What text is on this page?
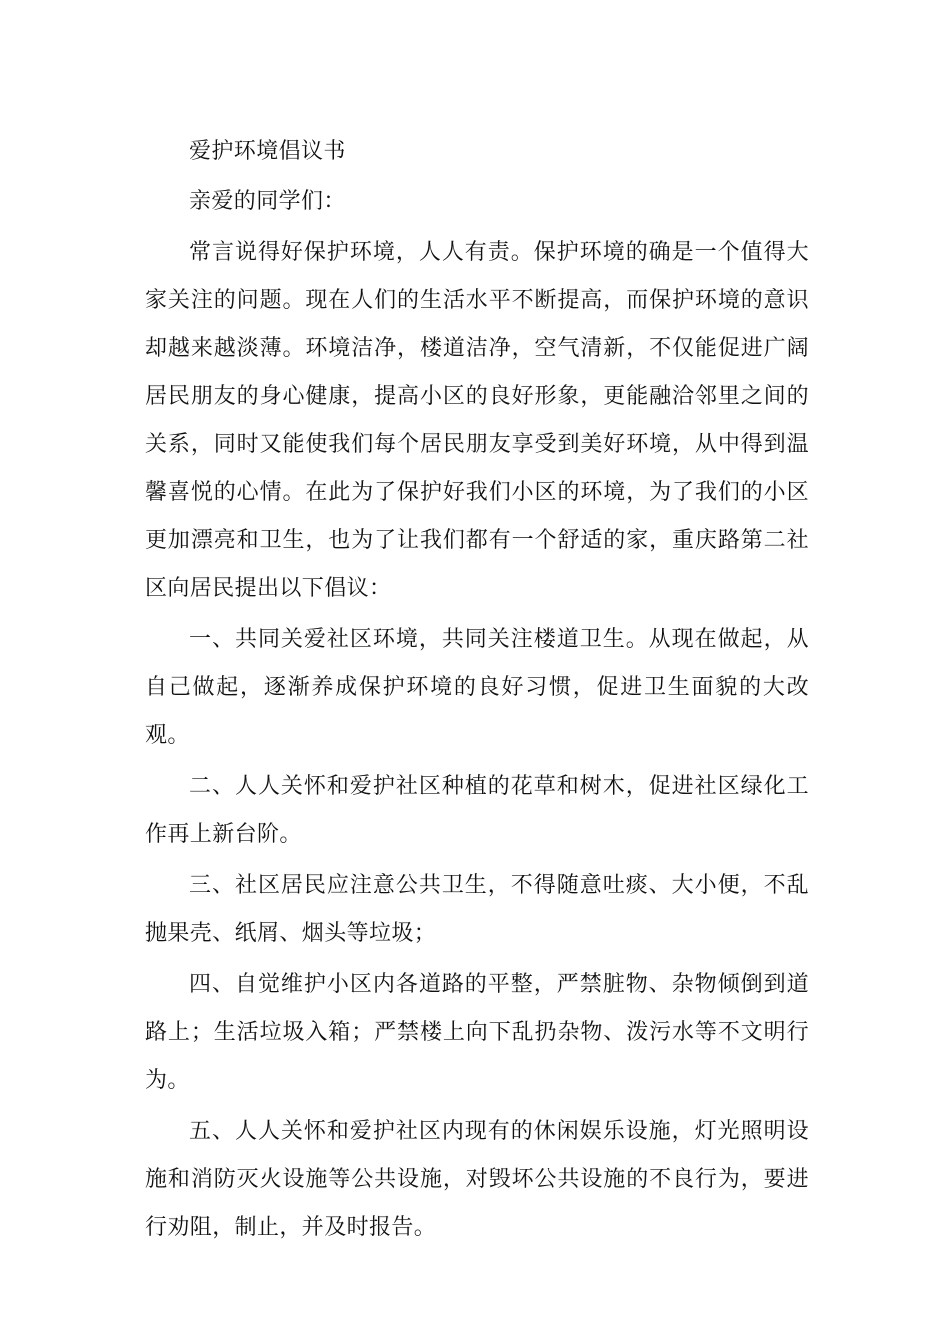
爱护环境倡议书

亲爱的同学们：

常言说得好保护环境，人人有责。保护环境的确是一个值得大家关注的问题。现在人们的生活水平不断提高，而保护环境的意识却越来越淡薄。环境洁净，楼道洁净，空气清新，不仅能促进广阔居民朋友的身心健康，提高小区的良好形象，更能融洽邻里之间的关系，同时又能使我们每个居民朋友享受到美好环境，从中得到温馨喜悦的心情。在此为了保护好我们小区的环境，为了我们的小区更加漂亮和卫生，也为了让我们都有一个舒适的家，重庆路第二社区向居民提出以下倡议：

一、共同关爱社区环境，共同关注楼道卫生。从现在做起，从自己做起，逐渐养成保护环境的良好习惯，促进卫生面貌的大改观。

二、人人关怀和爱护社区种植的花草和树木，促进社区绿化工作再上新台阶。

三、社区居民应注意公共卫生，不得随意吐痰、大小便，不乱抛果壳、纸屑、烟头等垃圾；

四、自觉维护小区内各道路的平整，严禁脏物、杂物倾倒到道路上；生活垃圾入箱；严禁楼上向下乱扔杂物、泼污水等不文明行为。

五、人人关怀和爱护社区内现有的休闲娱乐设施，灯光照明设施和消防灭火设施等公共设施，对毁坏公共设施的不良行为，要进行劝阻，制止，并及时报告。
